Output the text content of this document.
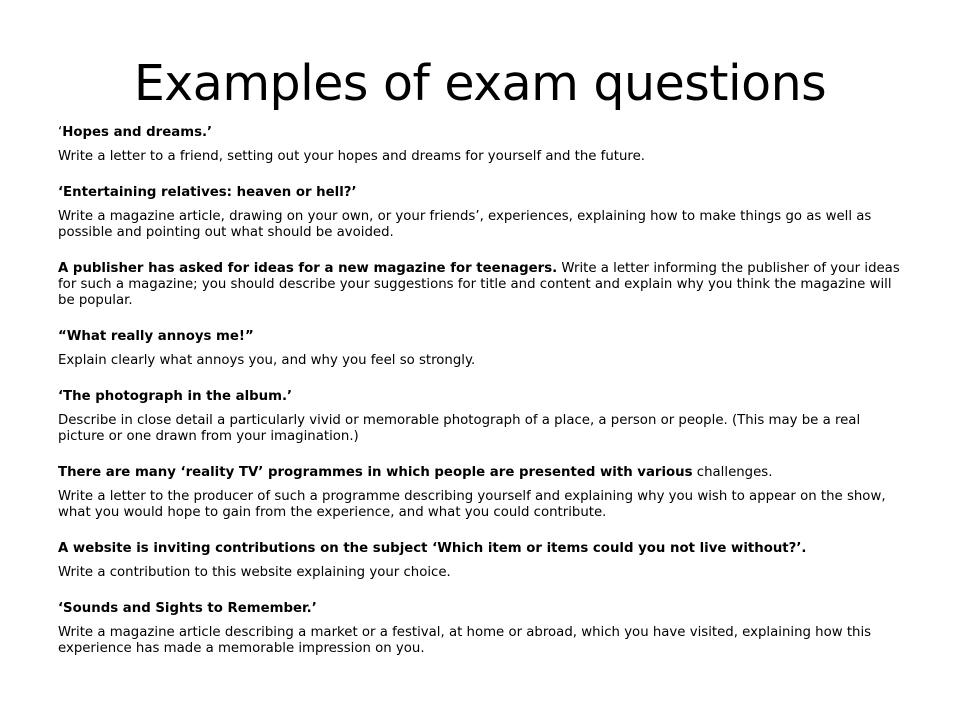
Examples of exam questions

‘Hopes and dreams.’

Write a letter to a friend, setting out your hopes and dreams for yourself and the future.

‘Entertaining relatives: heaven or hell?’

Write a magazine article, drawing on your own, or your friends’, experiences, explaining how to make things go as well as possible and pointing out what should be avoided.

A publisher has asked for ideas for a new magazine for teenagers. Write a letter informing the publisher of your ideas for such a magazine; you should describe your suggestions for title and content and explain why you think the magazine will be popular.

“What really annoys me!”

Explain clearly what annoys you, and why you feel so strongly.

‘The photograph in the album.’

Describe in close detail a particularly vivid or memorable photograph of a place, a person or people. (This may be a real picture or one drawn from your imagination.)

There are many ‘reality TV’ programmes in which people are presented with various challenges.

Write a letter to the producer of such a programme describing yourself and explaining why you wish to appear on the show, what you would hope to gain from the experience, and what you could contribute.

A website is inviting contributions on the subject ‘Which item or items could you not live without?’.

Write a contribution to this website explaining your choice.

‘Sounds and Sights to Remember.’

Write a magazine article describing a market or a festival, at home or abroad, which you have visited, explaining how this experience has made a memorable impression on you.
